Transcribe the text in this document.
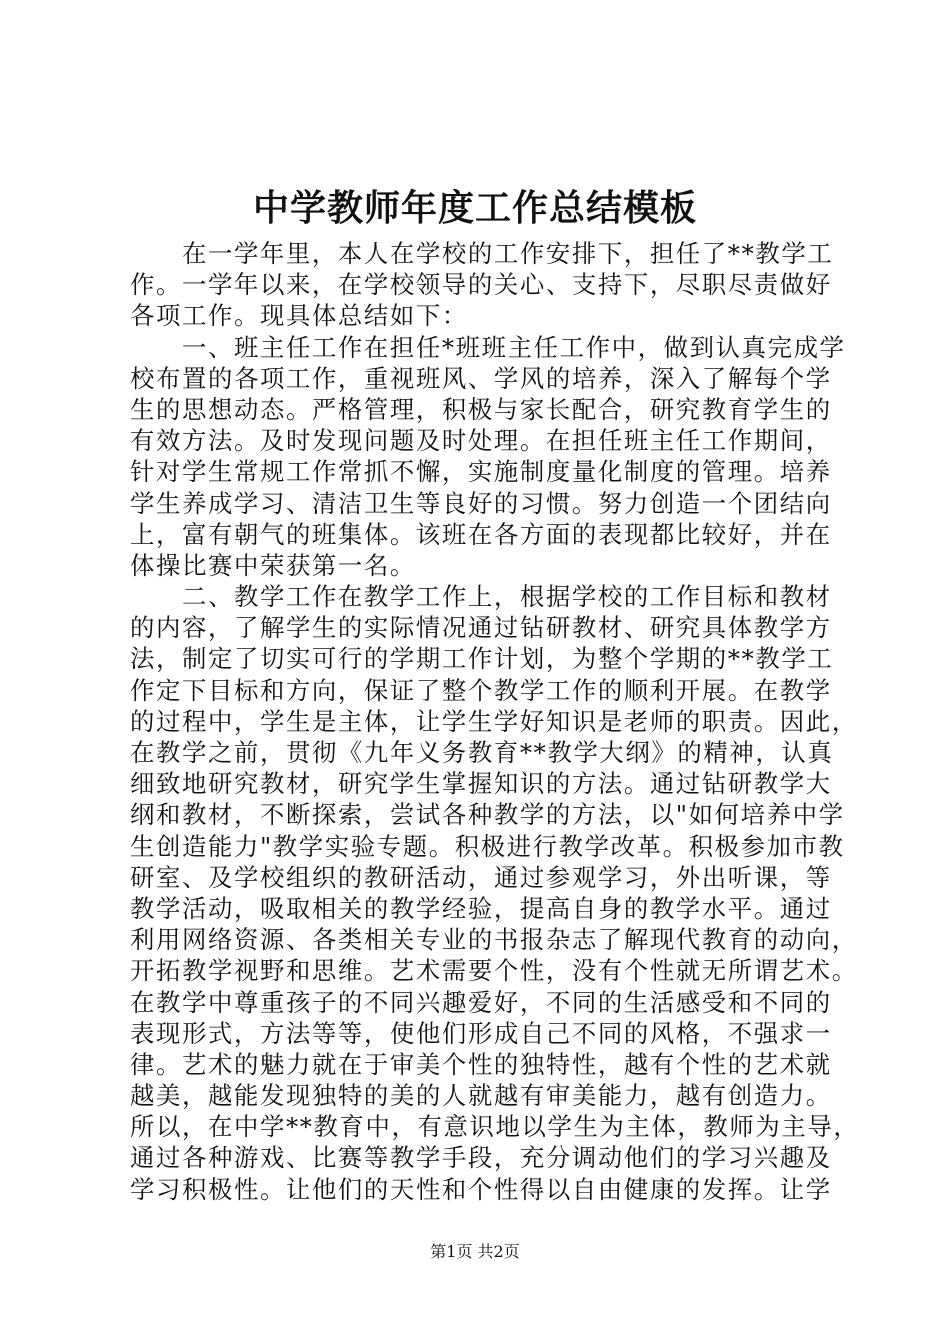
中学教师年度工作总结模板
　　在一学年里，本人在学校的工作安排下，担任了**教学工
作。一学年以来，在学校领导的关心、支持下，尽职尽责做好
各项工作。现具体总结如下：
　　一、班主任工作在担任*班班主任工作中，做到认真完成学
校布置的各项工作，重视班风、学风的培养，深入了解每个学
生的思想动态。严格管理，积极与家长配合，研究教育学生的
有效方法。及时发现问题及时处理。在担任班主任工作期间，
针对学生常规工作常抓不懈，实施制度量化制度的管理。培养
学生养成学习、清洁卫生等良好的习惯。努力创造一个团结向
上，富有朝气的班集体。该班在各方面的表现都比较好，并在
体操比赛中荣获第一名。
　　二、教学工作在教学工作上，根据学校的工作目标和教材
的内容，了解学生的实际情况通过钻研教材、研究具体教学方
法，制定了切实可行的学期工作计划，为整个学期的**教学工
作定下目标和方向，保证了整个教学工作的顺利开展。在教学
的过程中，学生是主体，让学生学好知识是老师的职责。因此，
在教学之前，贯彻《九年义务教育**教学大纲》的精神，认真
细致地研究教材，研究学生掌握知识的方法。通过钻研教学大
纲和教材，不断探索，尝试各种教学的方法，以"如何培养中学
生创造能力"教学实验专题。积极进行教学改革。积极参加市教
研室、及学校组织的教研活动，通过参观学习，外出听课，等
教学活动，吸取相关的教学经验，提高自身的教学水平。通过
利用网络资源、各类相关专业的书报杂志了解现代教育的动向，
开拓教学视野和思维。艺术需要个性，没有个性就无所谓艺术。
在教学中尊重孩子的不同兴趣爱好，不同的生活感受和不同的
表现形式，方法等等，使他们形成自己不同的风格，不强求一
律。艺术的魅力就在于审美个性的独特性，越有个性的艺术就
越美，越能发现独特的美的人就越有审美能力，越有创造力。
所以，在中学**教育中，有意识地以学生为主体，教师为主导，
通过各种游戏、比赛等教学手段，充分调动他们的学习兴趣及
学习积极性。让他们的天性和个性得以自由健康的发挥。让学
第1页 共2页
